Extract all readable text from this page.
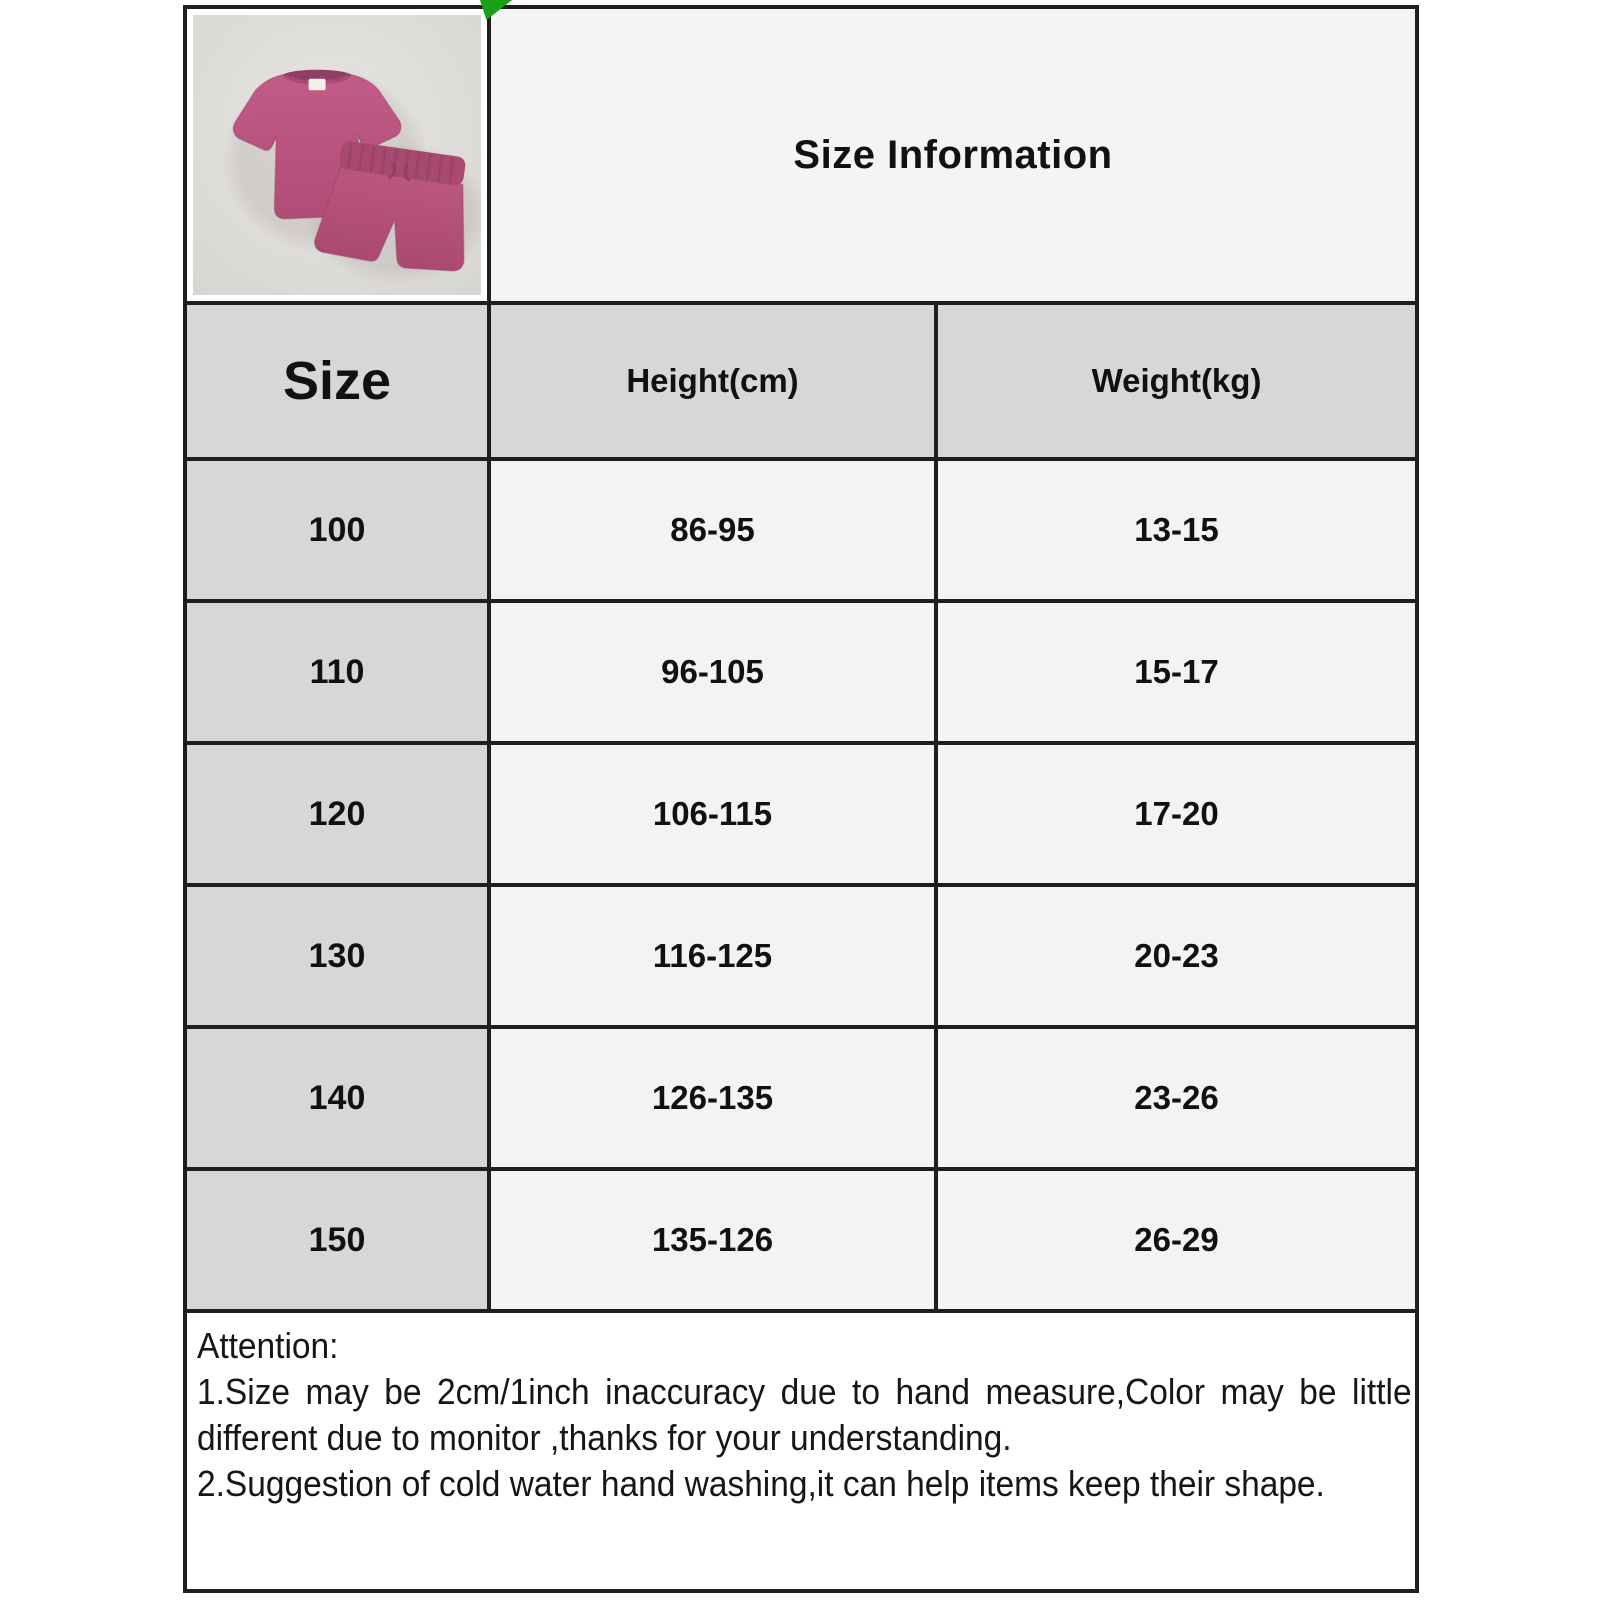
Size Information
Size	Height(cm)	Weight(kg)
100	86-95	13-15
110	96-105	15-17
120	106-115	17-20
130	116-125	20-23
140	126-135	23-26
150	135-126	26-29
Attention:
1.Size may be 2cm/1inch inaccuracy due to hand measure,Color may be little different due to monitor ,thanks for your understanding.
2.Suggestion of cold water hand washing,it can help items keep their shape.
